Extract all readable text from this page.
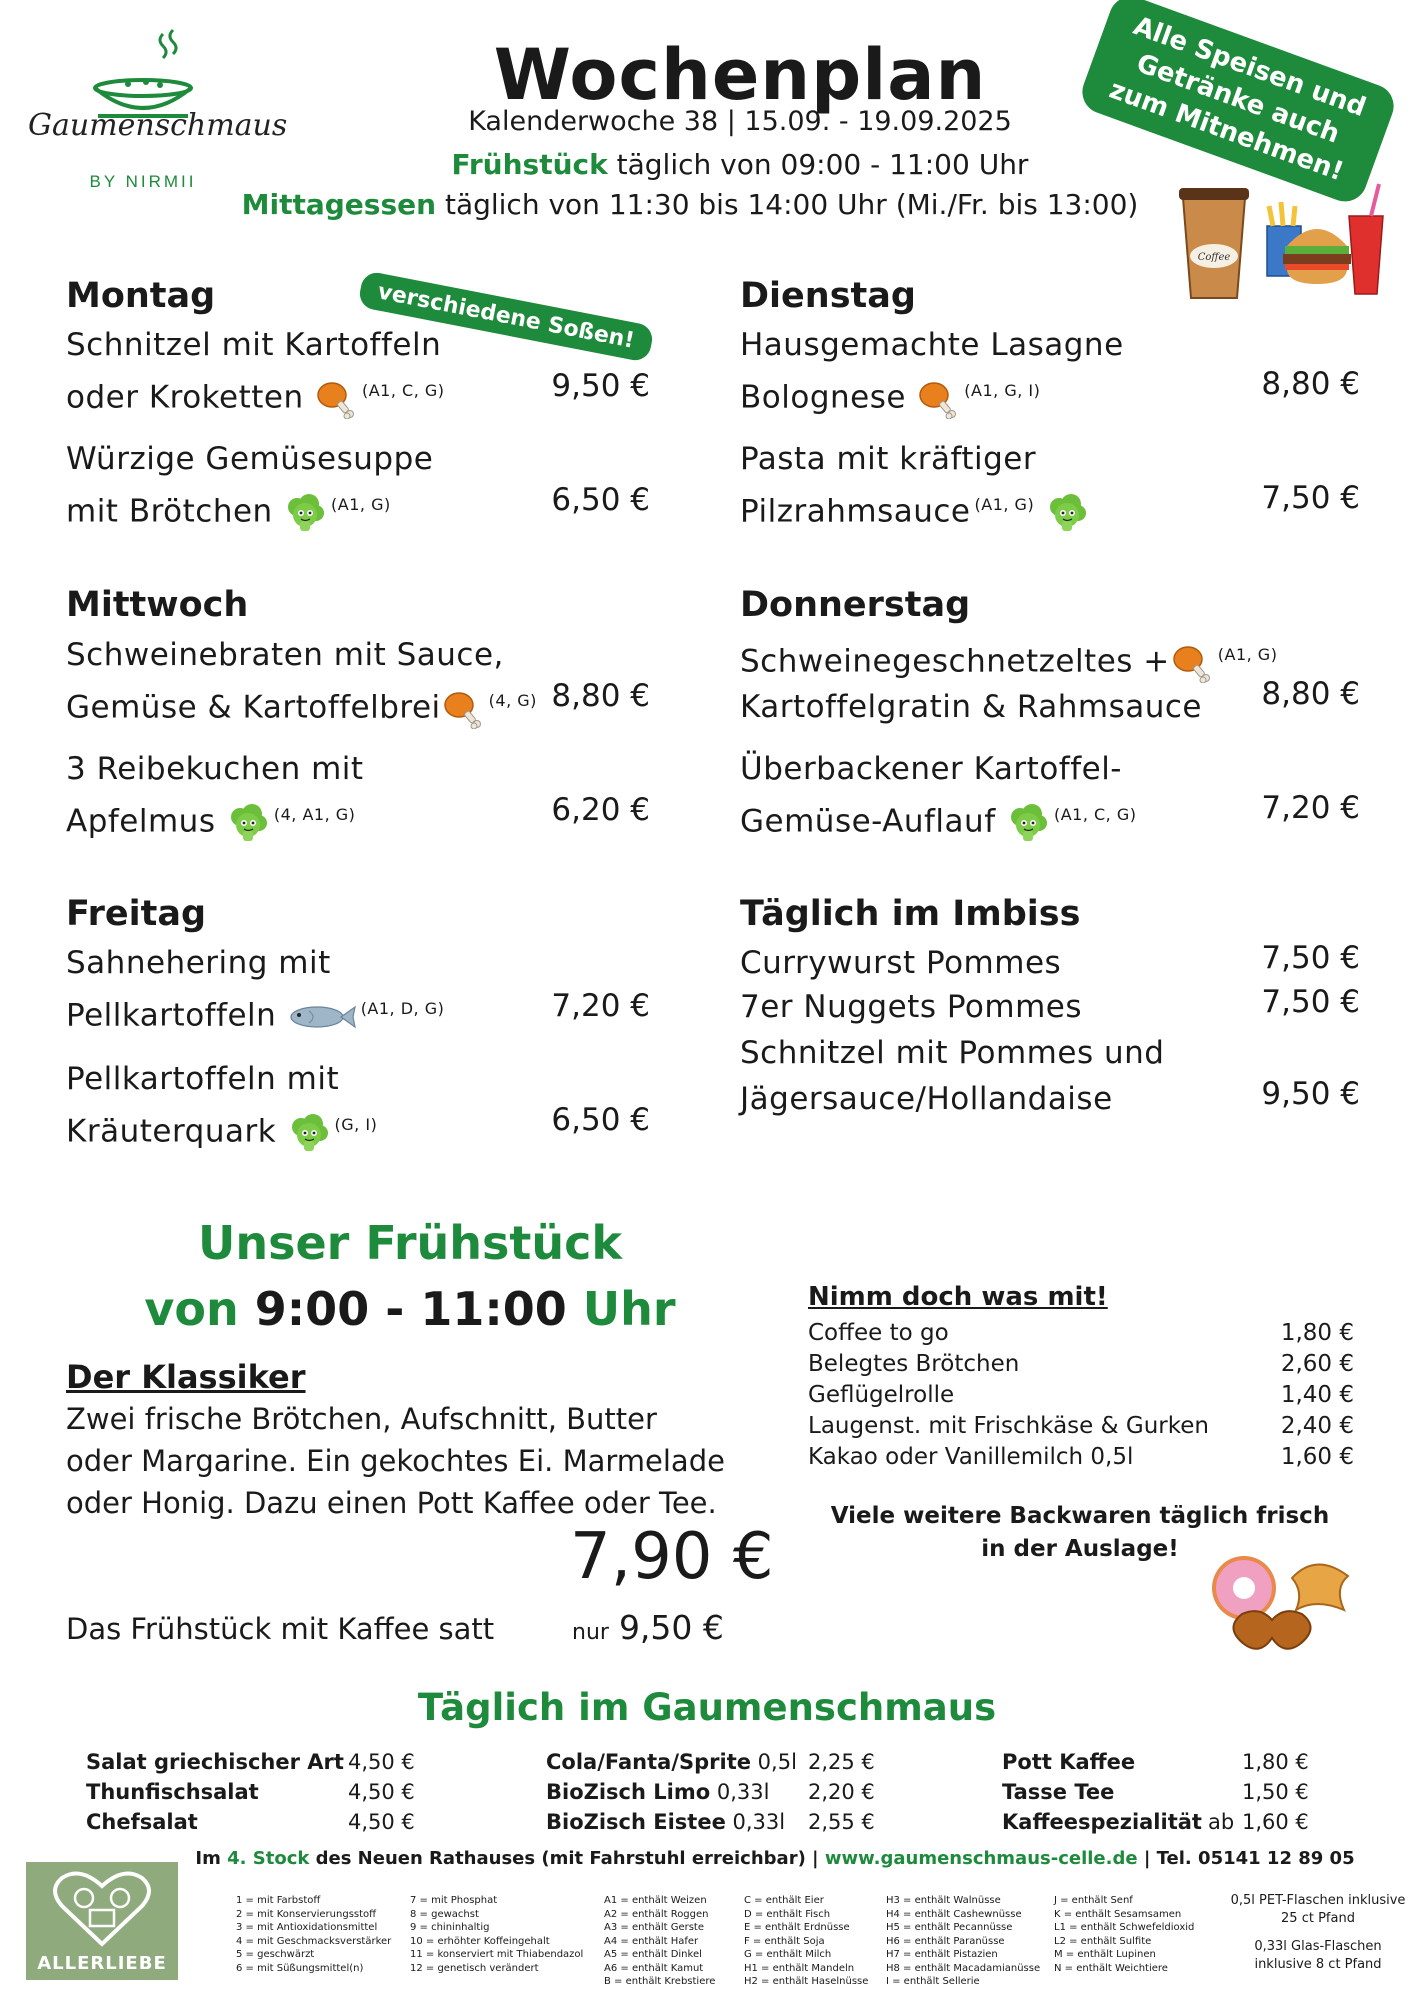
Gaumenschmaus
BY NIRMII
Wochenplan
Kalenderwoche 38 | 15.09. - 19.09.2025
Frühstück täglich von 09:00 - 11:00 Uhr
Mittagessen täglich von 11:30 bis 14:00 Uhr (Mi./Fr. bis 13:00)
Alle Speisen und Getränke auch zum Mitnehmen!
Coffee
Montag	verschiedene Soßen!
Schnitzel mit Kartoffeln
oder Kroketten	$^{(A1, C, G)}$	9,50 €
Würzige Gemüsesuppe
mit Brötchen	$^{(A1, G)}$	6,50 €
Dienstag
Hausgemachte Lasagne
Bolognese	$^{(A1, G, I)}$	8,80 €
Pasta mit kräftiger
Pilzrahmsauce $^{(A1, G)}$	7,50 €
Mittwoch
Schweinebraten mit Sauce,
Gemüse & Kartoffelbrei	$^{(4, G)}$ 8,80 €
3 Reibekuchen mit
Apfelmus	$^{(4, A1, G)}$	6,20 €
Donnerstag
Schweinegeschnetzeltes +	$^{(A1, G)}$
Kartoffelgratin & Rahmsauce	8,80 €
Überbackener Kartoffel-
Gemüse-Auflauf	$^{(A1, C, G)}$	7,20 €
Freitag
Sahnehering mit
Pellkartoffeln	$^{(A1, D, G)}$	7,20 €
Pellkartoffeln mit
Kräuterquark	$^{(G, I)}$	6,50 €
Täglich im Imbiss
Currywurst Pommes	7,50 €
7er Nuggets Pommes	7,50 €
Schnitzel mit Pommes und
Jägersauce/Hollandaise	9,50 €
Unser Frühstück
von 9:00 - 11:00 Uhr
Der Klassiker
Zwei frische Brötchen, Aufschnitt, Butter oder Margarine. Ein gekochtes Ei. Marmelade oder Honig. Dazu einen Pott Kaffee oder Tee.
7,90 €
Das Frühstück mit Kaffee satt	nur 9,50 €
Nimm doch was mit!
Coffee to go	1,80 €
Belegtes Brötchen	2,60 €
Geflügelrolle	1,40 €
Laugenst. mit Frischkäse & Gurken	2,40 €
Kakao oder Vanillemilch 0,5l	1,60 €
Viele weitere Backwaren täglich frisch
in der Auslage!
Täglich im Gaumenschmaus
Salat griechischer Art 4,50 €
Thunfischsalat	4,50 €
Chefsalat	4,50 €
Cola/Fanta/Sprite 0,5l 2,25 €
BioZisch Limo 0,33l	2,20 €
BioZisch Eistee 0,33l	2,55 €
Pott Kaffee	1,80 €
Tasse Tee	1,50 €
Kaffeespezialität ab 1,60 €
Im 4. Stock des Neuen Rathauses (mit Fahrstuhl erreichbar) | www.gaumenschmaus-celle.de | Tel. 05141 12 89 05
ALLERLIEBE
1 = mit Farbstoff
2 = mit Konservierungsstoff
3 = mit Antioxidationsmittel
4 = mit Geschmacksverstärker
5 = geschwärzt
6 = mit Süßungsmittel(n)
7 = mit Phosphat
8 = gewachst
9 = chininhaltig
10 = erhöhter Koffeingehalt
11 = konserviert mit Thiabendazol
12 = genetisch verändert
A1 = enthält Weizen
A2 = enthält Roggen
A3 = enthält Gerste
A4 = enthält Hafer
A5 = enthält Dinkel
A6 = enthält Kamut
B = enthält Krebstiere
C = enthält Eier
D = enthält Fisch
E = enthält Erdnüsse
F = enthält Soja
G = enthält Milch
H1 = enthält Mandeln
H2 = enthält Haselnüsse
H3 = enthält Walnüsse
H4 = enthält Cashewnüsse
H5 = enthält Pecannüsse
H6 = enthält Paranüsse
H7 = enthält Pistazien
H8 = enthält Macadamianüsse
I = enthält Sellerie
J = enthält Senf
K = enthält Sesamsamen
L1 = enthält Schwefeldioxid
L2 = enthält Sulfite
M = enthält Lupinen
N = enthält Weichtiere
0,5l PET-Flaschen inklusive 25 ct Pfand
0,33l Glas-Flaschen inklusive 8 ct Pfand
